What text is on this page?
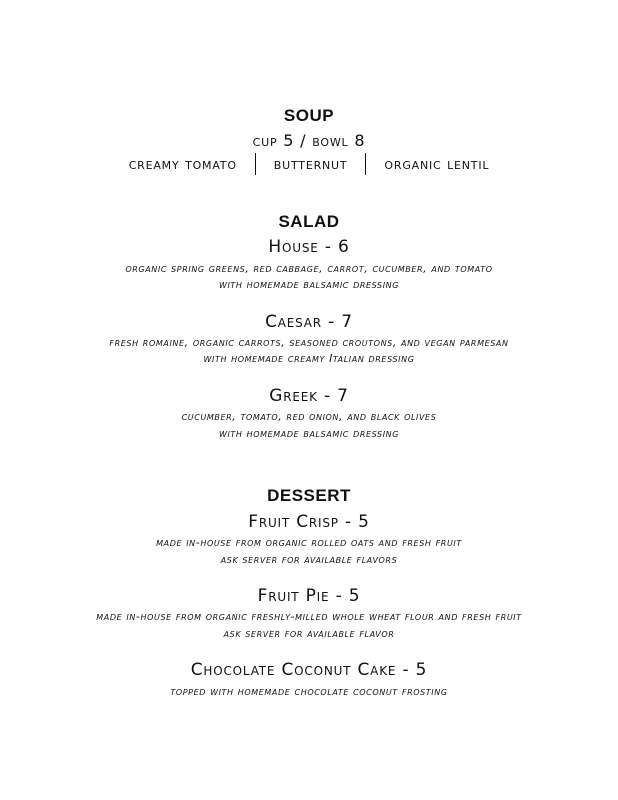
SOUP
cup 5 / bowl 8
creamy tomato	butternut	organic lentil
SALAD
House - 6
organic spring greens, red cabbage, carrot, cucumber, and tomato
with homemade balsamic dressing
Caesar - 7
fresh romaine, organic carrots, seasoned croutons, and vegan parmesan
with homemade creamy Italian dressing
Greek - 7
cucumber, tomato, red onion, and black olives
with homemade balsamic dressing
DESSERT
Fruit Crisp - 5
made in-house from organic rolled oats and fresh fruit
ask server for available flavors
Fruit Pie - 5
made in-house from organic freshly-milled whole wheat flour and fresh fruit
ask server for available flavor
Chocolate Coconut Cake - 5
topped with homemade chocolate coconut frosting
